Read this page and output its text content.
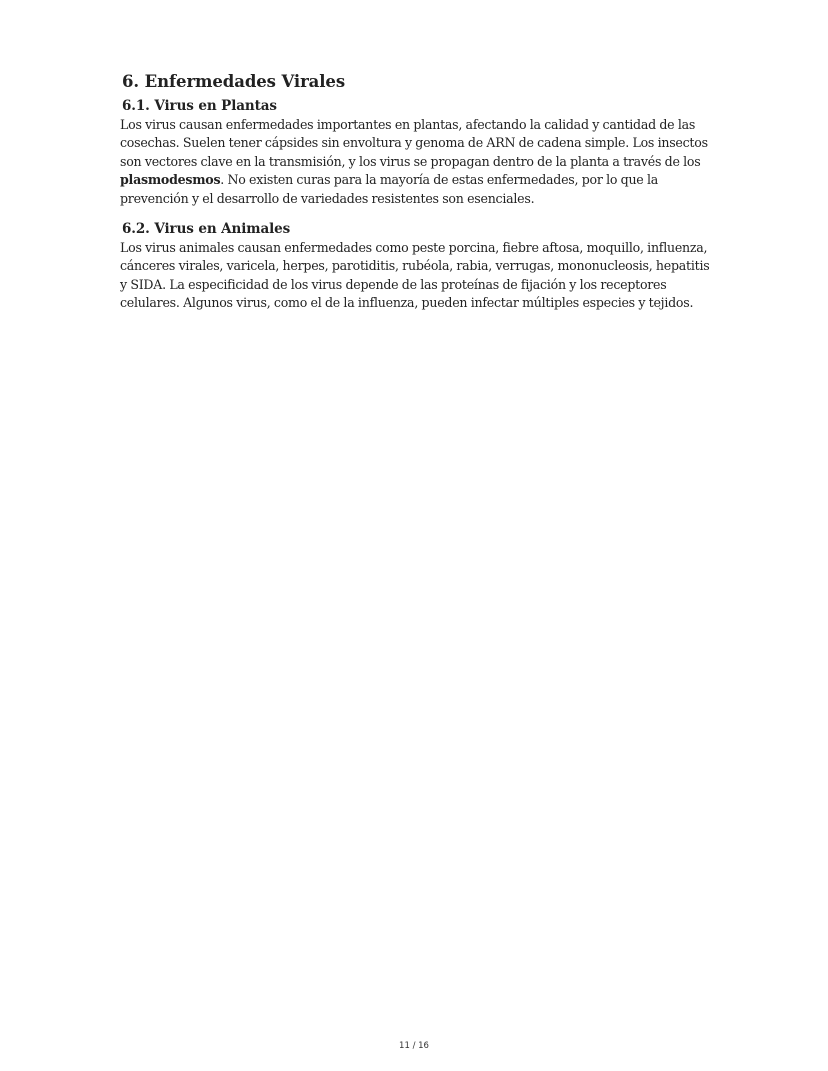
6. Enfermedades Virales
6.1. Virus en Plantas

Los virus causan enfermedades importantes en plantas, afectando la calidad y cantidad de las cosechas. Suelen tener cápsides sin envoltura y genoma de ARN de cadena simple. Los insectos son vectores clave en la transmisión, y los virus se propagan dentro de la planta a través de los plasmodesmos. No existen curas para la mayoría de estas enfermedades, por lo que la prevención y el desarrollo de variedades resistentes son esenciales.

6.2. Virus en Animales

Los virus animales causan enfermedades como peste porcina, fiebre aftosa, moquillo, influenza, cánceres virales, varicela, herpes, parotiditis, rubéola, rabia, verrugas, mononucleosis, hepatitis y SIDA. La especificidad de los virus depende de las proteínas de fijación y los receptores celulares. Algunos virus, como el de la influenza, pueden infectar múltiples especies y tejidos.

11 / 16
